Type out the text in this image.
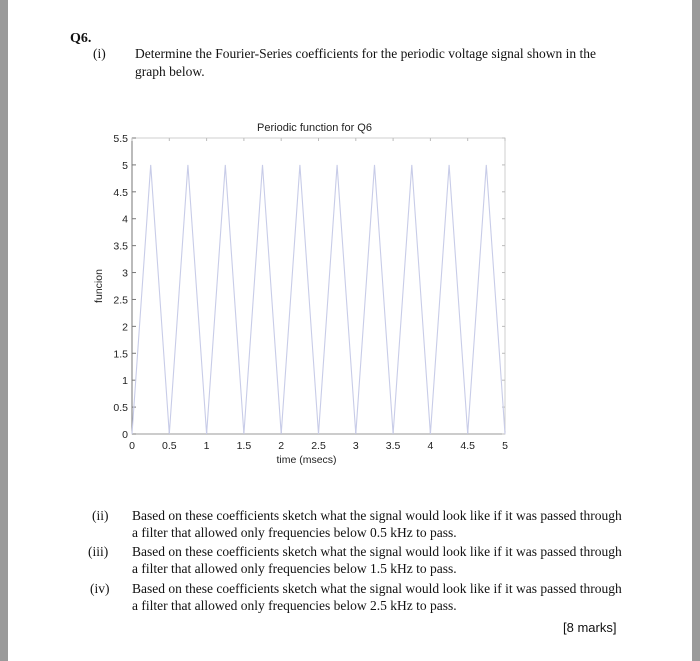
Q6.
(i) Determine the Fourier-Series coefficients for the periodic voltage signal shown in the
graph below.
0
0.5
1
1.5
2
2.5
3
3.5
4
4.5
5
5.5
0	0.5	1	1.5	2	2.5	3	3.5	4	4.5	5
Periodic function for Q6
time (msecs)
funcion
(ii) Based on these coefficients sketch what the signal would look like if it was passed through
a filter that allowed only frequencies below 0.5 kHz to pass.
(iii) Based on these coefficients sketch what the signal would look like if it was passed through
a filter that allowed only frequencies below 1.5 kHz to pass.
(iv) Based on these coefficients sketch what the signal would look like if it was passed through
a filter that allowed only frequencies below 2.5 kHz to pass.
[8 marks]
